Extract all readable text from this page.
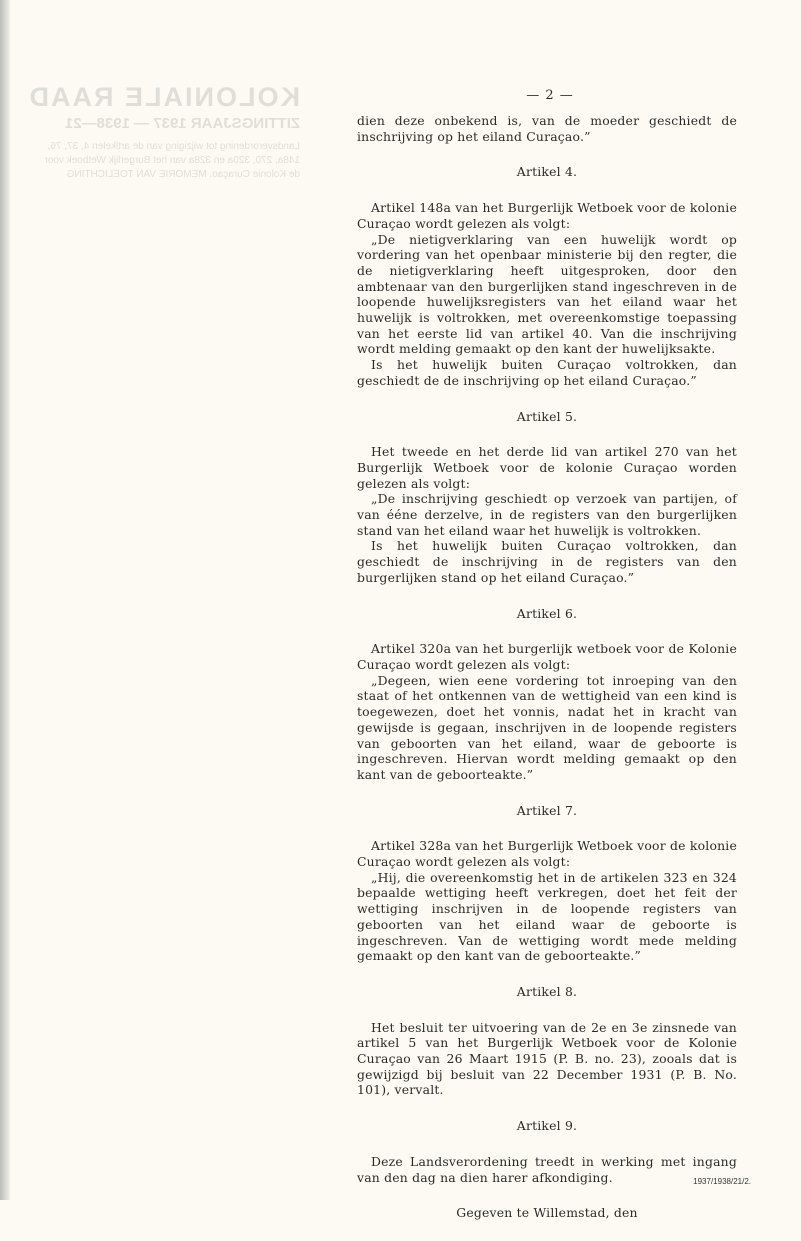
KOLONIALE RAAD
ZITTINGSJAAR 1937 — 1938—21
Landsverordening tot wijziging van de artikelen 4, 37, 76, 148a, 270, 320a en 328a van het Burgerlijk Wetboek voor de Kolonie Curaçao. MEMORIE VAN TOELICHTING
— 2 —

dien deze onbekend is, van de moeder geschiedt de inschrijving op het eiland Curaçao.”

Artikel 4.

Artikel 148a van het Burgerlijk Wetboek voor de kolonie Curaçao wordt gelezen als volgt:

„De nietigverklaring van een huwelijk wordt op vordering van het openbaar ministerie bij den regter, die de nietigverklaring heeft uitgesproken, door den ambtenaar van den burgerlijken stand ingeschreven in de loopende huwelijksregisters van het eiland waar het huwelijk is voltrokken, met overeenkomstige toepassing van het eerste lid van artikel 40. Van die inschrijving wordt melding gemaakt op den kant der huwelijksakte.

Is het huwelijk buiten Curaçao voltrokken, dan geschiedt de de inschrijving op het eiland Curaçao.”

Artikel 5.

Het tweede en het derde lid van artikel 270 van het Burgerlijk Wetboek voor de kolonie Curaçao worden gelezen als volgt:

„De inschrijving geschiedt op verzoek van partijen, of van ééne derzelve, in de registers van den burgerlijken stand van het eiland waar het huwelijk is voltrokken.

Is het huwelijk buiten Curaçao voltrokken, dan geschiedt de inschrijving in de registers van den burgerlijken stand op het eiland Curaçao.”

Artikel 6.

Artikel 320a van het burgerlijk wetboek voor de Kolonie Curaçao wordt gelezen als volgt:

„Degeen, wien eene vordering tot inroeping van den staat of het ontkennen van de wettigheid van een kind is toegewezen, doet het vonnis, nadat het in kracht van gewijsde is gegaan, inschrijven in de loopende registers van geboorten van het eiland, waar de geboorte is ingeschreven. Hiervan wordt melding gemaakt op den kant van de geboorteakte.”

Artikel 7.

Artikel 328a van het Burgerlijk Wetboek voor de kolonie Curaçao wordt gelezen als volgt:

„Hij, die overeenkomstig het in de artikelen 323 en 324 bepaalde wettiging heeft verkregen, doet het feit der wettiging inschrijven in de loopende registers van geboorten van het eiland waar de geboorte is ingeschreven. Van de wettiging wordt mede melding gemaakt op den kant van de geboorteakte.”

Artikel 8.

Het besluit ter uitvoering van de 2e en 3e zinsnede van artikel 5 van het Burgerlijk Wetboek voor de Kolonie Curaçao van 26 Maart 1915 (P. B. no. 23), zooals dat is gewijzigd bij besluit van 22 December 1931 (P. B. No. 101), vervalt.

Artikel 9.

Deze Landsverordening treedt in werking met ingang van den dag na dien harer afkondiging.

Gegeven te Willemstad, den

1937/1938/21/2.
